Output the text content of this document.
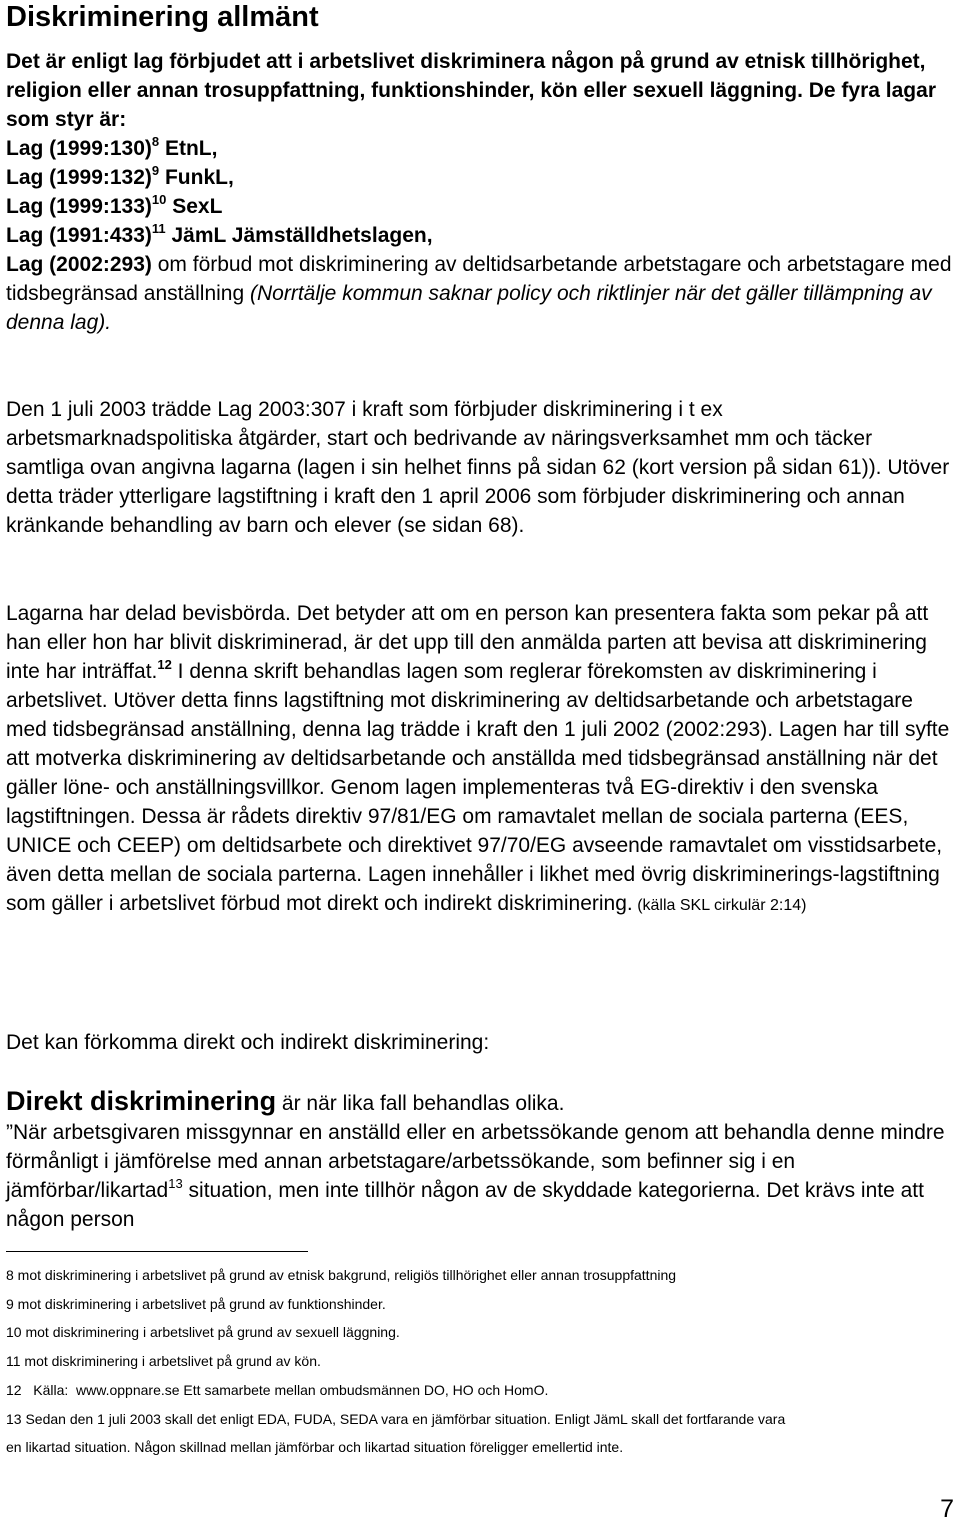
Diskriminering allmänt
Det är enligt lag förbjudet att i arbetslivet diskriminera någon på grund av etnisk tillhörighet, religion eller annan trosuppfattning, funktionshinder, kön eller sexuell läggning. De fyra lagar som styr är:
Lag (1999:130)$^8$ EtnL,
Lag (1999:132)$^9$ FunkL,
Lag (1999:133)$^{10}$ SexL
Lag (1991:433)$^{11}$ JämL Jämställdhetslagen,
Lag (2002:293) om förbud mot diskriminering av deltidsarbetande arbetstagare och arbetstagare med tidsbegränsad anställning (Norrtälje kommun saknar policy och riktlinjer när det gäller tillämpning av denna lag).
Den 1 juli 2003 trädde Lag 2003:307 i kraft som förbjuder diskriminering i t ex arbetsmarknadspolitiska åtgärder, start och bedrivande av näringsverksamhet mm och täcker samtliga ovan angivna lagarna (lagen i sin helhet finns på sidan 62 (kort version på sidan 61)). Utöver detta träder ytterligare lagstiftning i kraft den 1 april 2006 som förbjuder diskriminering och annan kränkande behandling av barn och elever (se sidan 68).
Lagarna har delad bevisbörda. Det betyder att om en person kan presentera fakta som pekar på att han eller hon har blivit diskriminerad, är det upp till den anmälda parten att bevisa att diskriminering inte har inträffat.$^{12}$ I denna skrift behandlas lagen som reglerar förekomsten av diskriminering i arbetslivet. Utöver detta finns lagstiftning mot diskriminering av deltidsarbetande och arbetstagare med tidsbegränsad anställning, denna lag trädde i kraft den 1 juli 2002 (2002:293). Lagen har till syfte att motverka diskriminering av deltidsarbetande och anställda med tidsbegränsad anställning när det gäller löne- och anställningsvillkor. Genom lagen implementeras två EG-direktiv i den svenska lagstiftningen. Dessa är rådets direktiv 97/81/EG om ramavtalet mellan de sociala parterna (EES, UNICE och CEEP) om deltidsarbete och direktivet 97/70/EG avseende ramavtalet om visstidsarbete, även detta mellan de sociala parterna. Lagen innehåller i likhet med övrig diskriminerings-lagstiftning som gäller i arbetslivet förbud mot direkt och indirekt diskriminering. (källa SKL cirkulär 2:14)
Det kan förkomma direkt och indirekt diskriminering:
Direkt diskriminering är när lika fall behandlas olika.
”När arbetsgivaren missgynnar en anställd eller en arbetssökande genom att behandla denne mindre förmånligt i jämförelse med annan arbetstagare/arbetssökande, som befinner sig i en jämförbar/likartad$^{13}$ situation, men inte tillhör någon av de skyddade kategorierna. Det krävs inte att någon person
8 mot diskriminering i arbetslivet på grund av etnisk bakgrund, religiös tillhörighet eller annan trosuppfattning
9 mot diskriminering i arbetslivet på grund av funktionshinder.
10 mot diskriminering i arbetslivet på grund av sexuell läggning.
11 mot diskriminering i arbetslivet på grund av kön.
12   Källa:  www.oppnare.se Ett samarbete mellan ombudsmännen DO, HO och HomO.
13 Sedan den 1 juli 2003 skall det enligt EDA, FUDA, SEDA vara en jämförbar situation. Enligt JämL skall det fortfarande vara
en likartad situation. Någon skillnad mellan jämförbar och likartad situation föreligger emellertid inte.
7
